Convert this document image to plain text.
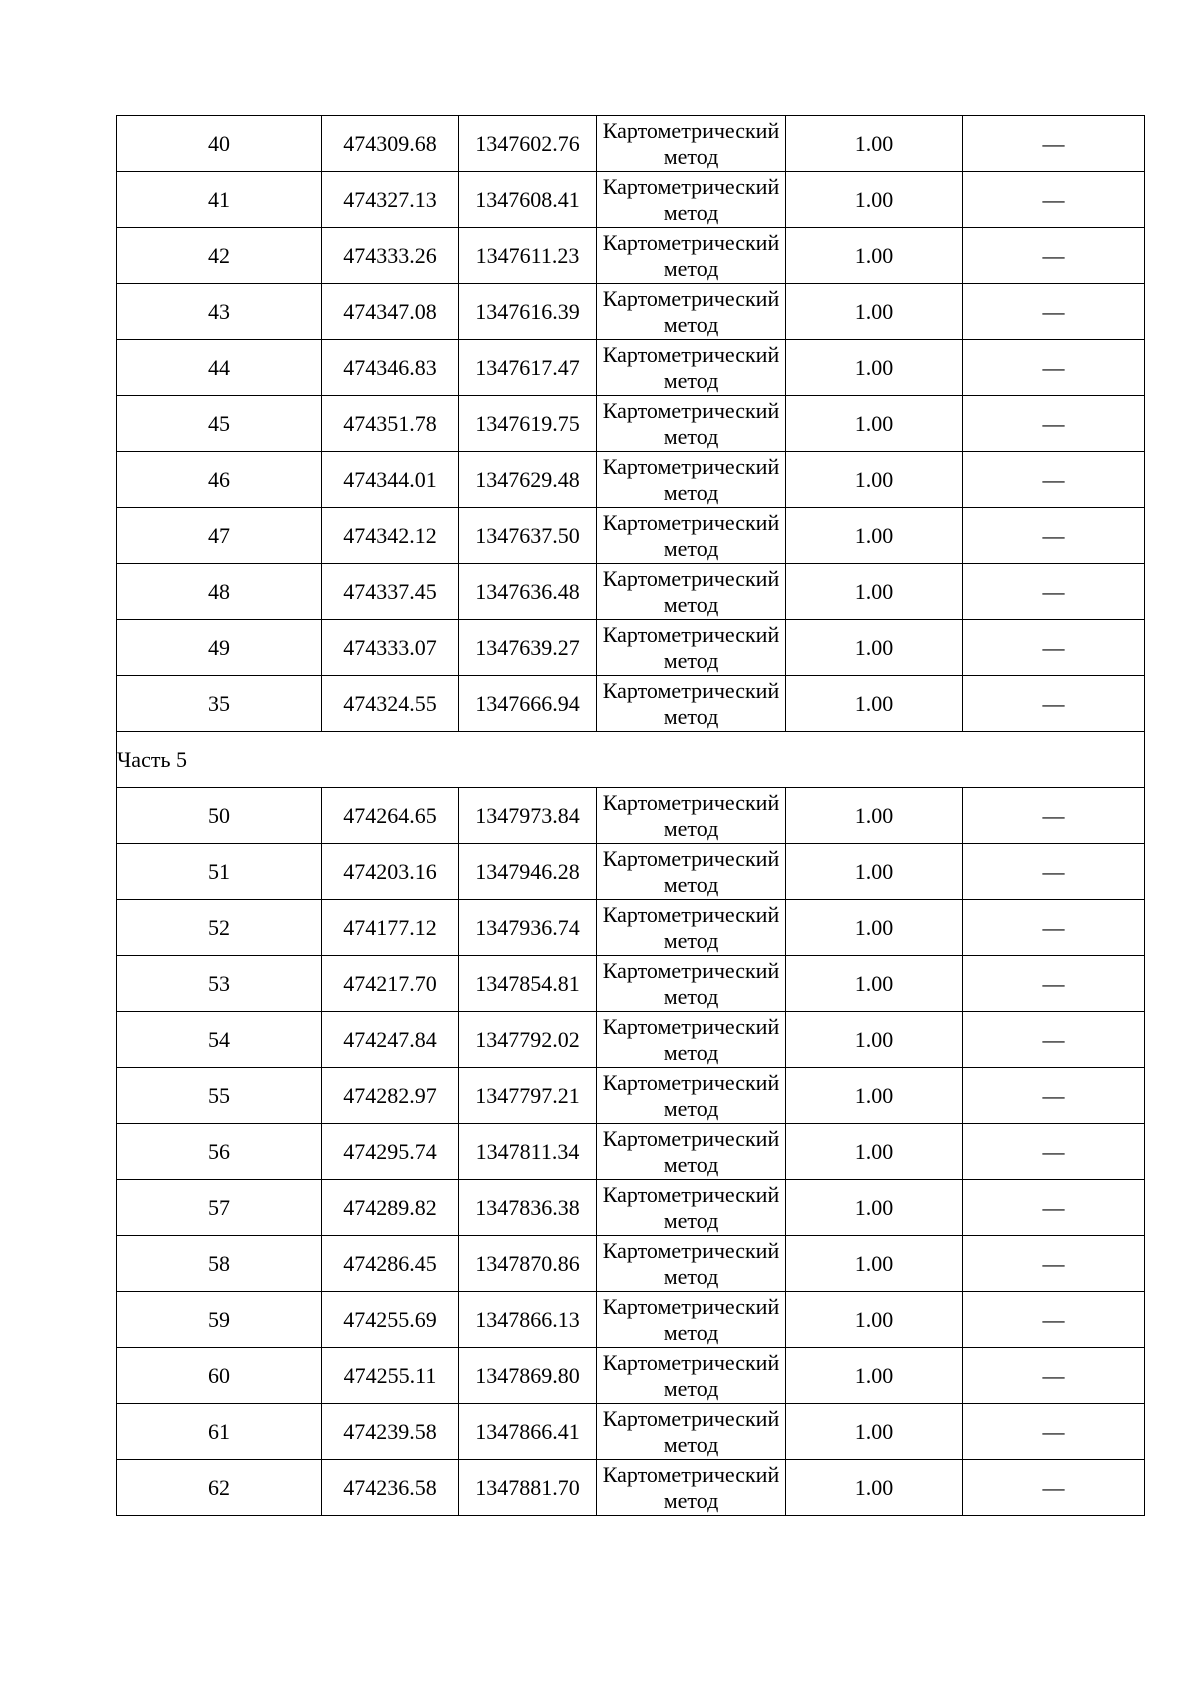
40	474309.68	1347602.76	Картометрический метод	1.00	—
41	474327.13	1347608.41	Картометрический метод	1.00	—
42	474333.26	1347611.23	Картометрический метод	1.00	—
43	474347.08	1347616.39	Картометрический метод	1.00	—
44	474346.83	1347617.47	Картометрический метод	1.00	—
45	474351.78	1347619.75	Картометрический метод	1.00	—
46	474344.01	1347629.48	Картометрический метод	1.00	—
47	474342.12	1347637.50	Картометрический метод	1.00	—
48	474337.45	1347636.48	Картометрический метод	1.00	—
49	474333.07	1347639.27	Картометрический метод	1.00	—
35	474324.55	1347666.94	Картометрический метод	1.00	—
Часть 5					
50	474264.65	1347973.84	Картометрический метод	1.00	—
51	474203.16	1347946.28	Картометрический метод	1.00	—
52	474177.12	1347936.74	Картометрический метод	1.00	—
53	474217.70	1347854.81	Картометрический метод	1.00	—
54	474247.84	1347792.02	Картометрический метод	1.00	—
55	474282.97	1347797.21	Картометрический метод	1.00	—
56	474295.74	1347811.34	Картометрический метод	1.00	—
57	474289.82	1347836.38	Картометрический метод	1.00	—
58	474286.45	1347870.86	Картометрический метод	1.00	—
59	474255.69	1347866.13	Картометрический метод	1.00	—
60	474255.11	1347869.80	Картометрический метод	1.00	—
61	474239.58	1347866.41	Картометрический метод	1.00	—
62	474236.58	1347881.70	Картометрический метод	1.00	—
